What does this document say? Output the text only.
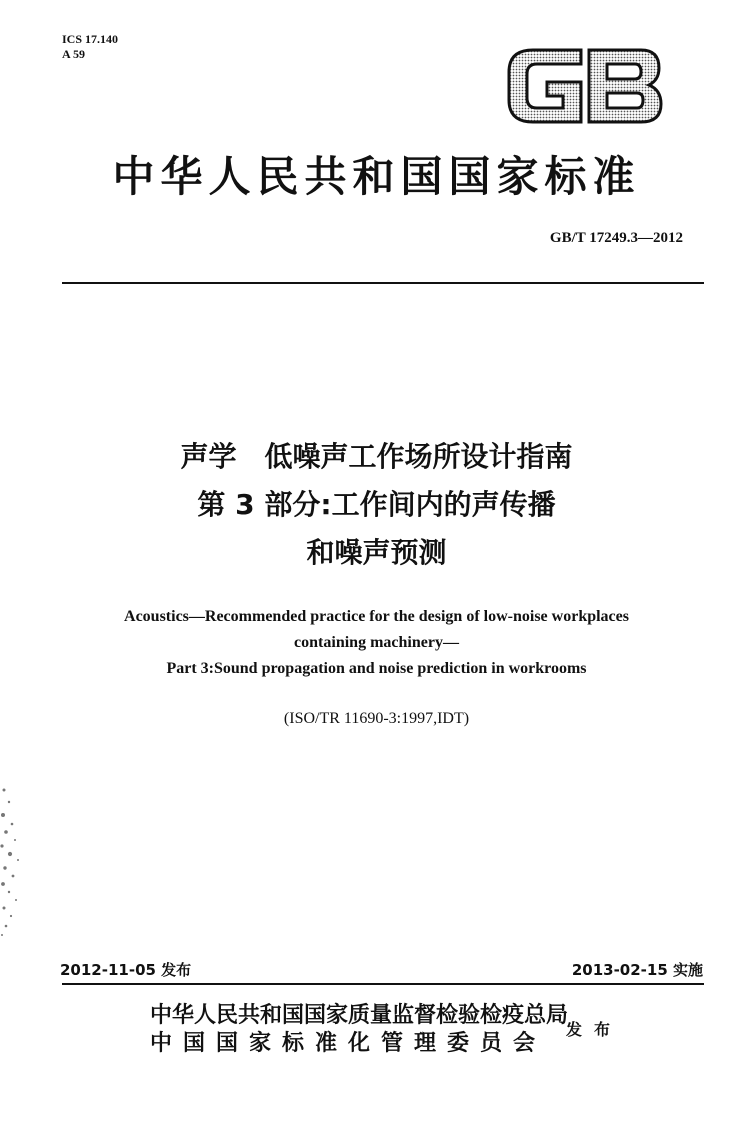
ICS 17.140
A 59
中华人民共和国国家标准
GB/T 17249.3—2012
声学　低噪声工作场所设计指南
第 3 部分:工作间内的声传播
和噪声预测
Acoustics—Recommended practice for the design of low-noise workplaces
containing machinery—
Part 3:Sound propagation and noise prediction in workrooms
(ISO/TR 11690-3:1997,IDT)
2012-11-05 发布	2013-02-15 实施
中华人民共和国国家质量监督检验检疫总局
中国国家标准化管理委员会
发布
